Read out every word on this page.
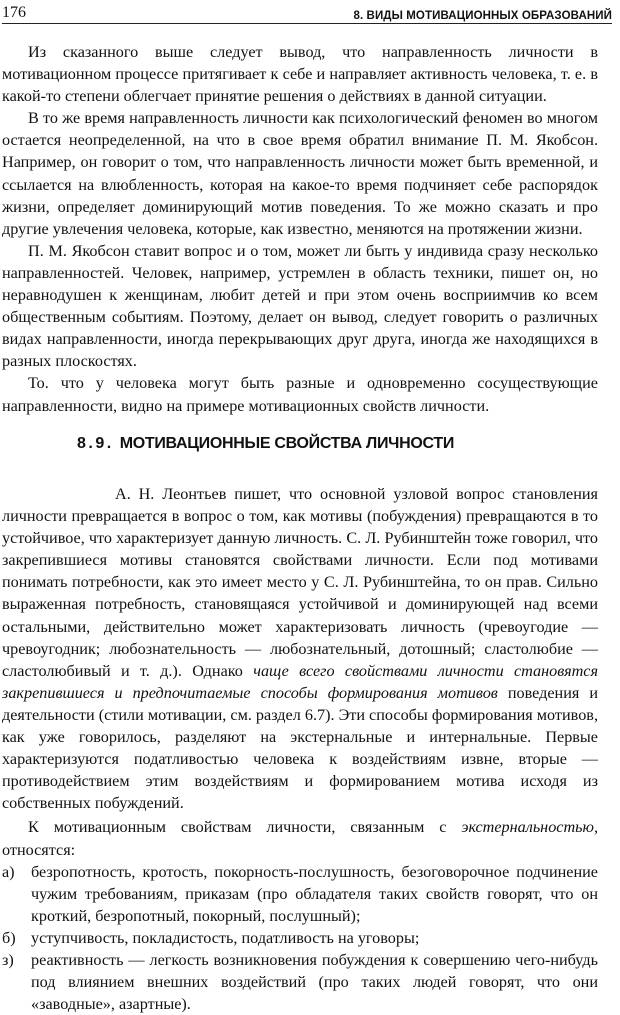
176	8. ВИДЫ МОТИВАЦИОННЫХ ОБРАЗОВАНИЙ

Из сказанного выше следует вывод, что направленность личности в мотивационном процессе притягивает к себе и направляет активность человека, т. е. в какой-то степени облегчает принятие решения о действиях в данной ситуации.

В то же время направленность личности как психологический феномен во многом остается неопределенной, на что в свое время обратил внимание П. М. Якобсон. Например, он говорит о том, что направленность личности может быть временной, и ссылается на влюбленность, которая на какое-то время подчиняет себе распорядок жизни, определяет доминирующий мотив поведения. То же можно сказать и про другие увлечения человека, которые, как известно, меняются на протяжении жизни.

П. М. Якобсон ставит вопрос и о том, может ли быть у индивида сразу несколько направленностей. Человек, например, устремлен в область техники, пишет он, но неравнодушен к женщинам, любит детей и при этом очень восприимчив ко всем общественным событиям. Поэтому, делает он вывод, следует говорить о различных видах направленности, иногда перекрывающих друг друга, иногда же находящихся в разных плоскостях.

То. что у человека могут быть разные и одновременно сосуществующие направленности, видно на примере мотивационных свойств личности.

8.9. МОТИВАЦИОННЫЕ СВОЙСТВА ЛИЧНОСТИ

А. Н. Леонтьев пишет, что основной узловой вопрос становления личности превращается в вопрос о том, как мотивы (побуждения) превращаются в то устойчивое, что характеризует данную личность. С. Л. Рубинштейн тоже говорил, что закрепившиеся мотивы становятся свойствами личности. Если под мотивами понимать потребности, как это имеет место у С. Л. Рубинштейна, то он прав. Сильно выраженная потребность, становящаяся устойчивой и доминирующей над всеми остальными, действительно может характеризовать личность (чревоугодие — чревоугодник; любознательность — любознательный, дотошный; сластолюбие — сластолюбивый и т. д.). Однако чаще всего свойствами личности становятся закрепившиеся и предпочитаемые способы формирования мотивов поведения и деятельности (стили мотивации, см. раздел 6.7). Эти способы формирования мотивов, как уже говорилось, разделяют на экстернальные и интернальные. Первые характеризуются податливостью человека к воздействиям извне, вторые — противодействием этим воздействиям и формированием мотива исходя из собственных побуждений.

К мотивационным свойствам личности, связанным с экстернальностью, относятся:

а) безропотность, кротость, покорность-послушность, безоговорочное подчинение чужим требованиям, приказам (про обладателя таких свойств говорят, что он кроткий, безропотный, покорный, послушный);
б) уступчивость, покладистость, податливость на уговоры;
з) реактивность — легкость возникновения побуждения к совершению чего-нибудь под влиянием внешних воздействий (про таких людей говорят, что они «заводные», азартные).
